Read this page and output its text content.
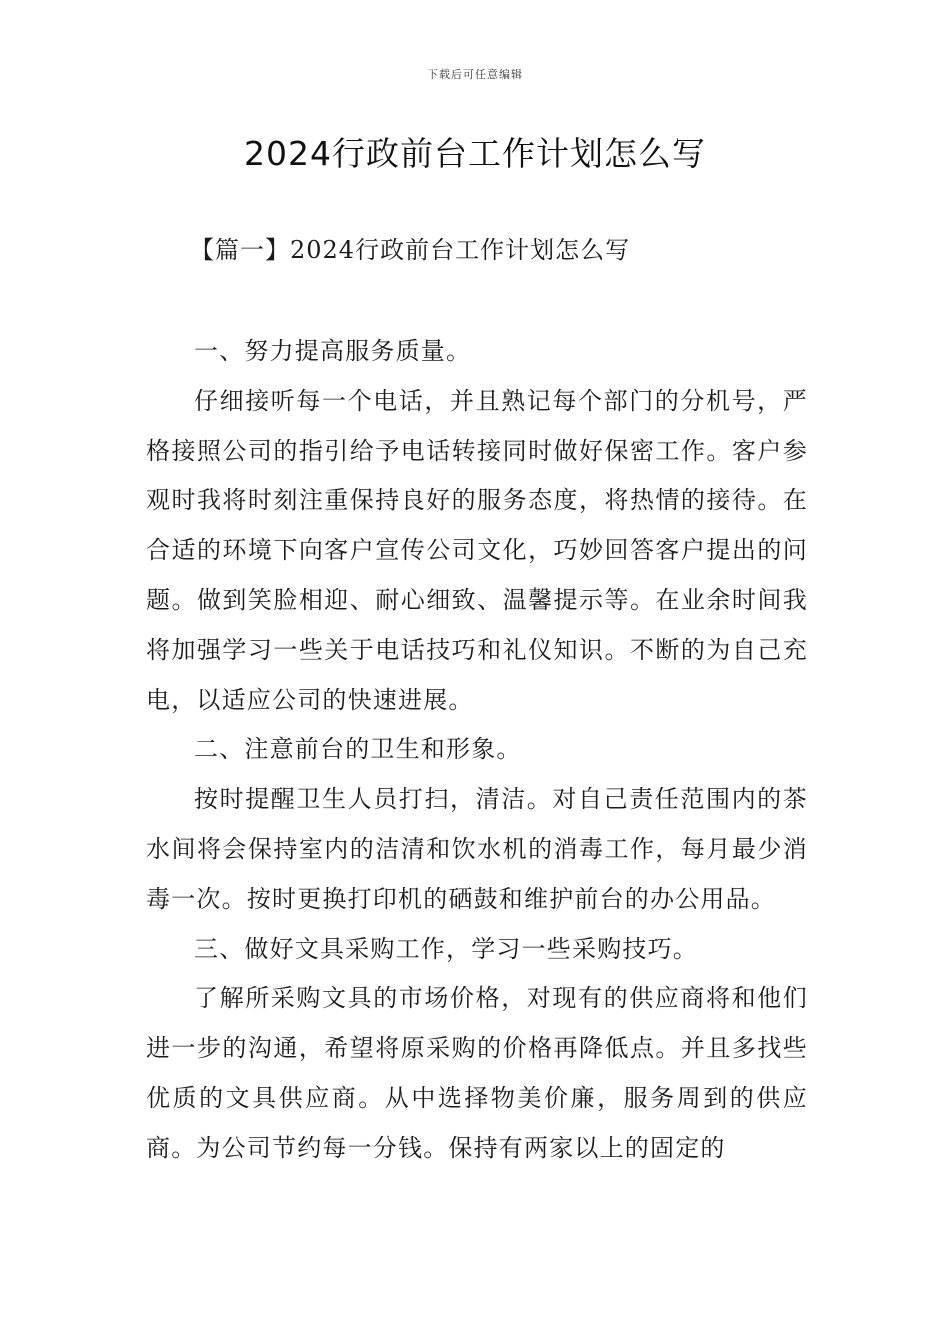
下载后可任意编辑
2024行政前台工作计划怎么写
【篇一】2024行政前台工作计划怎么写

一、努力提高服务质量。

仔细接听每一个电话，并且熟记每个部门的分机号，严格接照公司的指引给予电话转接同时做好保密工作。客户参观时我将时刻注重保持良好的服务态度，将热情的接待。在合适的环境下向客户宣传公司文化，巧妙回答客户提出的问题。做到笑脸相迎、耐心细致、温馨提示等。在业余时间我将加强学习一些关于电话技巧和礼仪知识。不断的为自己充电，以适应公司的快速进展。

二、注意前台的卫生和形象。

按时提醒卫生人员打扫，清洁。对自己责任范围内的茶水间将会保持室内的洁清和饮水机的消毒工作，每月最少消毒一次。按时更换打印机的硒鼓和维护前台的办公用品。

三、做好文具采购工作，学习一些采购技巧。

了解所采购文具的市场价格，对现有的供应商将和他们进一步的沟通，希望将原采购的价格再降低点。并且多找些优质的文具供应商。从中选择物美价廉，服务周到的供应商。为公司节约每一分钱。保持有两家以上的固定的
